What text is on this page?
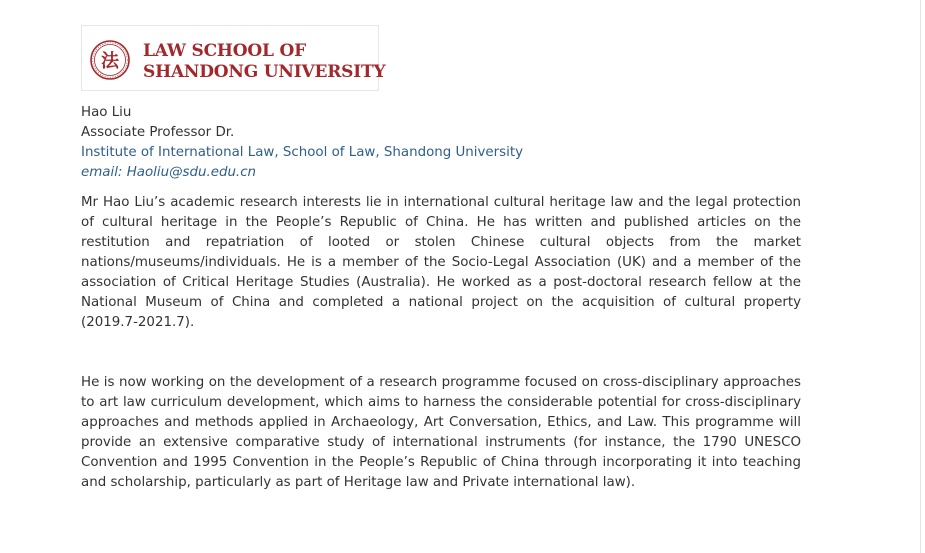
法 LAW SCHOOL OF
SHANDONG UNIVERSITY
Hao Liu
Associate Professor Dr.
Institute of International Law, School of Law, Shandong University
email: Haoliu@sdu.edu.cn

Mr Hao Liu’s academic research interests lie in international cultural heritage law and the legal protection of cultural heritage in the People’s Republic of China. He has written and published articles on the restitution and repatriation of looted or stolen Chinese cultural objects from the market nations/museums/individuals. He is a member of the Socio-Legal Association (UK) and a member of the association of Critical Heritage Studies (Australia). He worked as a post-doctoral research fellow at the National Museum of China and completed a national project on the acquisition of cultural property (2019.7-2021.7).

He is now working on the development of a research programme focused on cross-disciplinary approaches to art law curriculum development, which aims to harness the considerable potential for cross-disciplinary approaches and methods applied in Archaeology, Art Conversation, Ethics, and Law. This programme will provide an extensive comparative study of international instruments (for instance, the 1790 UNESCO Convention and 1995 Convention in the People’s Republic of China through incorporating it into teaching and scholarship, particularly as part of Heritage law and Private international law).
